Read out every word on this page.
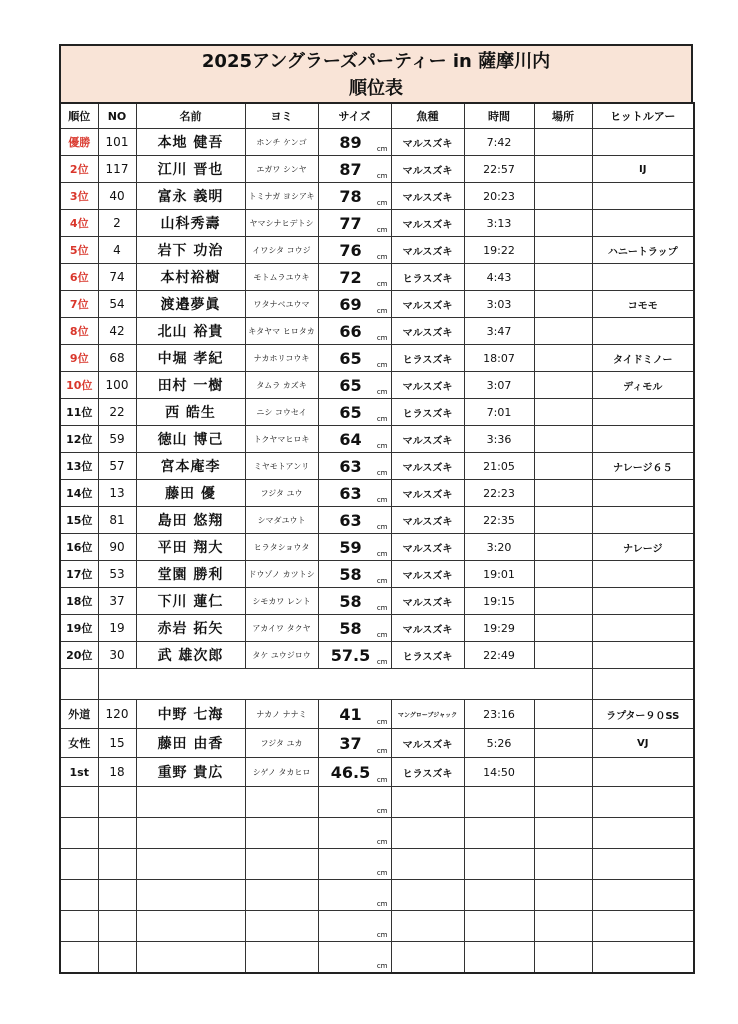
2025アングラーズパーティー in 薩摩川内
順位表
順位	NO	名前	ヨミ	サイズ	魚種	時間	場所	ヒットルアー
優勝	101	本地 健吾	ホンチ ケンゴ	89 cm	マルスズキ	7:42		
2位	117	江川 晋也	エガワ シンヤ	87 cm	マルスズキ	22:57		IJ
3位	40	富永 義明	トミナガ ヨシアキ	78 cm	マルスズキ	20:23		
4位	2	山科秀壽	ヤマシナヒデトシ	77 cm	マルスズキ	3:13		
5位	4	岩下 功治	イワシタ コウジ	76 cm	マルスズキ	19:22		ハニートラップ
6位	74	本村裕樹	モトムラユウキ	72 cm	ヒラスズキ	4:43		
7位	54	渡邉夢眞	ワタナベユウマ	69 cm	マルスズキ	3:03		コモモ
8位	42	北山 裕貴	キタヤマ ヒロタカ	66 cm	マルスズキ	3:47		
9位	68	中堀 孝紀	ナカホリコウキ	65 cm	ヒラスズキ	18:07		タイドミノー
10位	100	田村 一樹	タムラ カズキ	65 cm	マルスズキ	3:07		ディモル
11位	22	西 皓生	ニシ コウセイ	65 cm	ヒラスズキ	7:01		
12位	59	徳山 博己	トクヤマヒロキ	64 cm	マルスズキ	3:36		
13位	57	宮本庵李	ミヤモトアンリ	63 cm	マルスズキ	21:05		ナレージ６５
14位	13	藤田 優	フジタ ユウ	63 cm	マルスズキ	22:23		
15位	81	島田 悠翔	シマダユウト	63 cm	マルスズキ	22:35		
16位	90	平田 翔大	ヒラタショウタ	59 cm	マルスズキ	3:20		ナレージ
17位	53	堂園 勝利	ドウゾノ カツトシ	58 cm	マルスズキ	19:01		
18位	37	下川 蓮仁	シモカワ レント	58 cm	マルスズキ	19:15		
19位	19	赤岩 拓矢	アカイワ タクヤ	58 cm	マルスズキ	19:29		
20位	30	武 雄次郎	タケ ユウジロウ	57.5 cm	ヒラスズキ	22:49		

外道	120	中野 七海	ナカノ ナナミ	41 cm	マングローブジャック	23:16		ラプター９０SS
女性	15	藤田 由香	フジタ ユカ	37 cm	マルスズキ	5:26		VJ
1st	18	重野 貴広	シゲノ タカヒロ	46.5 cm	ヒラスズキ	14:50		

				cm				

				cm				

				cm				

				cm				

				cm				

				cm				
